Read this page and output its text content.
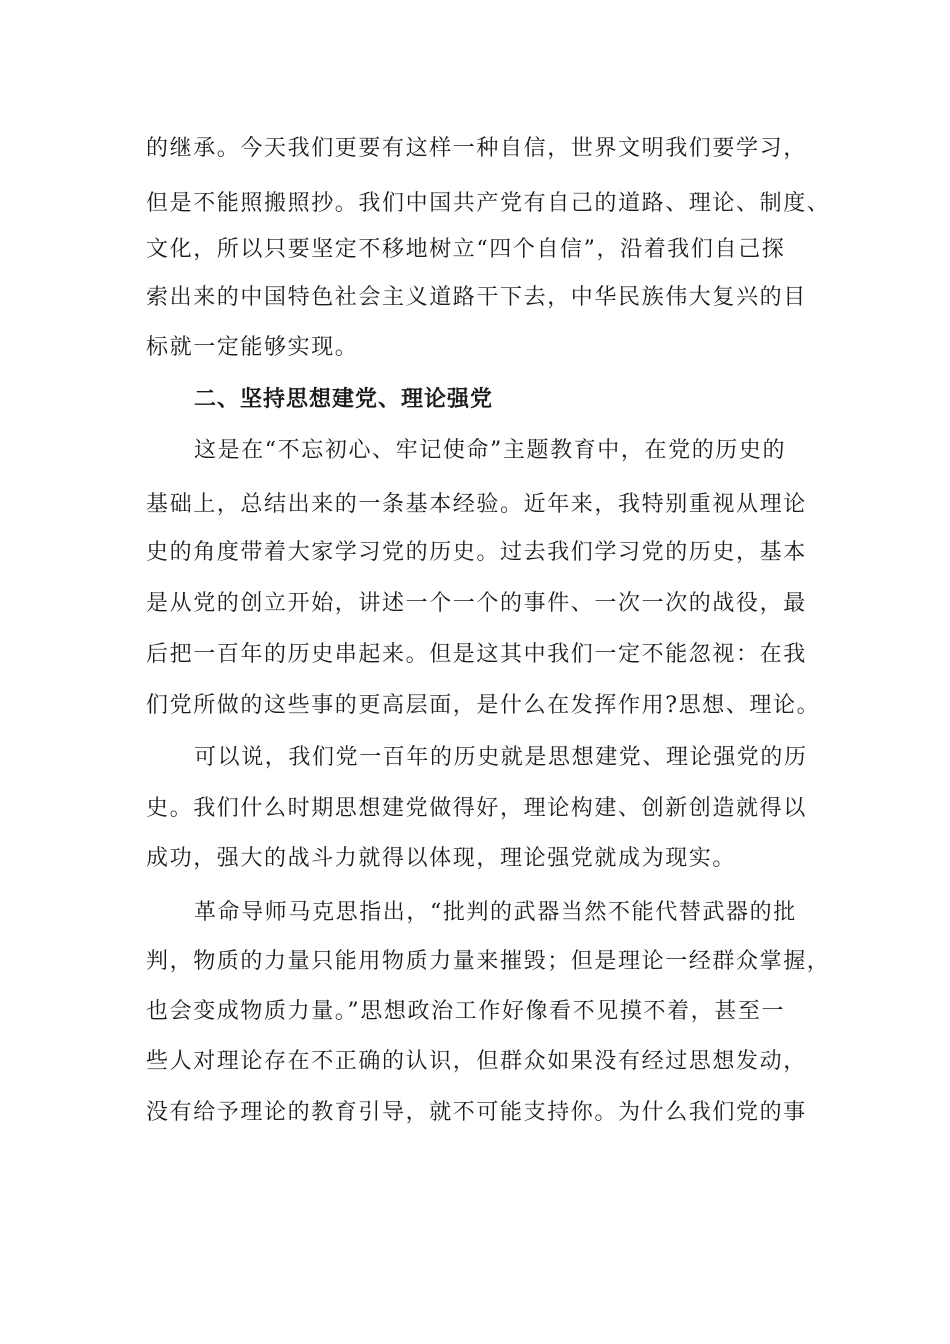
的继承。今天我们更要有这样一种自信，世界文明我们要学习，
但是不能照搬照抄。我们中国共产党有自己的道路、理论、制度、
文化，所以只要坚定不移地树立“四个自信”，沿着我们自己探
索出来的中国特色社会主义道路干下去，中华民族伟大复兴的目
标就一定能够实现。
二、坚持思想建党、理论强党
这是在“不忘初心、牢记使命”主题教育中，在党的历史的
基础上，总结出来的一条基本经验。近年来，我特别重视从理论
史的角度带着大家学习党的历史。过去我们学习党的历史，基本
是从党的创立开始，讲述一个一个的事件、一次一次的战役，最
后把一百年的历史串起来。但是这其中我们一定不能忽视：在我
们党所做的这些事的更高层面，是什么在发挥作用?思想、理论。
可以说，我们党一百年的历史就是思想建党、理论强党的历
史。我们什么时期思想建党做得好，理论构建、创新创造就得以
成功，强大的战斗力就得以体现，理论强党就成为现实。
革命导师马克思指出，“批判的武器当然不能代替武器的批
判，物质的力量只能用物质力量来摧毁；但是理论一经群众掌握，
也会变成物质力量。”思想政治工作好像看不见摸不着，甚至一
些人对理论存在不正确的认识，但群众如果没有经过思想发动，
没有给予理论的教育引导，就不可能支持你。为什么我们党的事
